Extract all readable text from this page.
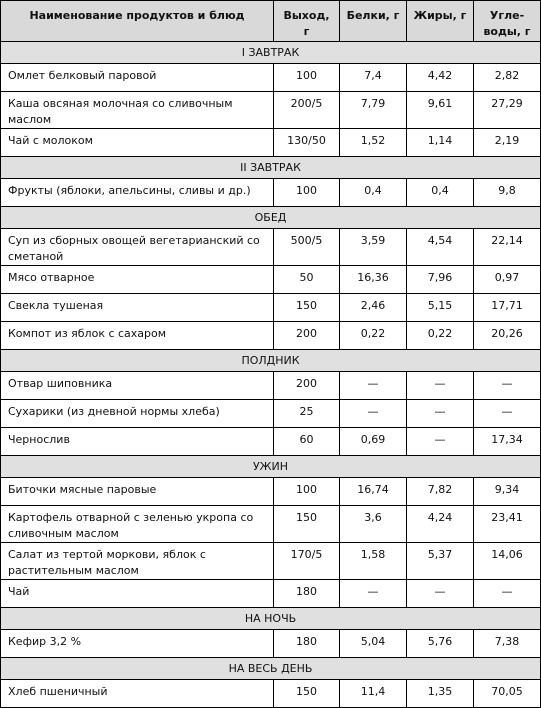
Наименование продуктов и блюд	Выход, г	Белки, г	Жиры, г	Угле-воды, г
I ЗАВТРАК				
Омлет белковый паровой	100	7,4	4,42	2,82
Каша овсяная молочная со сливочным маслом	200/5	7,79	9,61	27,29
Чай с молоком	130/50	1,52	1,14	2,19
II ЗАВТРАК				
Фрукты (яблоки, апельсины, сливы и др.)	100	0,4	0,4	9,8
ОБЕД				
Суп из сборных овощей вегетарианский со сметаной	500/5	3,59	4,54	22,14
Мясо отварное	50	16,36	7,96	0,97
Свекла тушеная	150	2,46	5,15	17,71
Компот из яблок с сахаром	200	0,22	0,22	20,26
ПОЛДНИК				
Отвар шиповника	200	—	—	—
Сухарики (из дневной нормы хлеба)	25	—	—	—
Чернослив	60	0,69	—	17,34
УЖИН				
Биточки мясные паровые	100	16,74	7,82	9,34
Картофель отварной с зеленью укропа со сливочным маслом	150	3,6	4,24	23,41
Салат из тертой моркови, яблок с растительным маслом	170/5	1,58	5,37	14,06
Чай	180	—	—	—
НА НОЧЬ				
Кефир 3,2 %	180	5,04	5,76	7,38
НА ВЕСЬ ДЕНЬ				
Хлеб пшеничный	150	11,4	1,35	70,05
